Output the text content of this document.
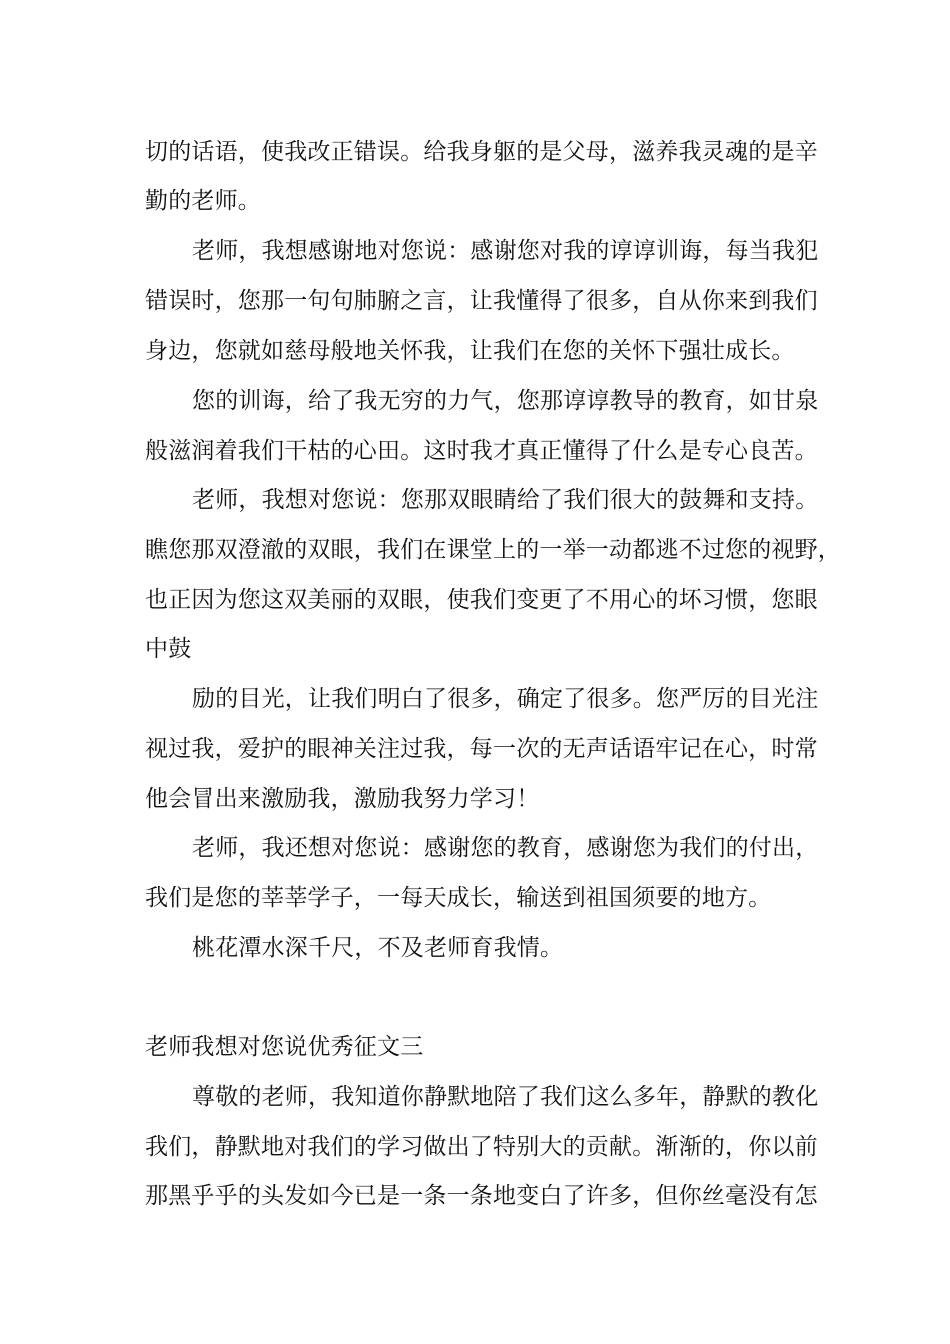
切的话语，使我改正错误。给我身躯的是父母，滋养我灵魂的是辛
勤的老师。
老师，我想感谢地对您说：感谢您对我的谆谆训诲，每当我犯
错误时，您那一句句肺腑之言，让我懂得了很多，自从你来到我们
身边，您就如慈母般地关怀我，让我们在您的关怀下强壮成长。
您的训诲，给了我无穷的力气，您那谆谆教导的教育，如甘泉
般滋润着我们干枯的心田。这时我才真正懂得了什么是专心良苦。
老师，我想对您说：您那双眼睛给了我们很大的鼓舞和支持。
瞧您那双澄澈的双眼，我们在课堂上的一举一动都逃不过您的视野，
也正因为您这双美丽的双眼，使我们变更了不用心的坏习惯，您眼
中鼓
励的目光，让我们明白了很多，确定了很多。您严厉的目光注
视过我，爱护的眼神关注过我，每一次的无声话语牢记在心，时常
他会冒出来激励我，激励我努力学习！
老师，我还想对您说：感谢您的教育，感谢您为我们的付出，
我们是您的莘莘学子，一每天成长，输送到祖国须要的地方。
桃花潭水深千尺，不及老师育我情。
老师我想对您说优秀征文三
尊敬的老师，我知道你静默地陪了我们这么多年，静默的教化
我们，静默地对我们的学习做出了特别大的贡献。渐渐的，你以前
那黑乎乎的头发如今已是一条一条地变白了许多，但你丝毫没有怎
